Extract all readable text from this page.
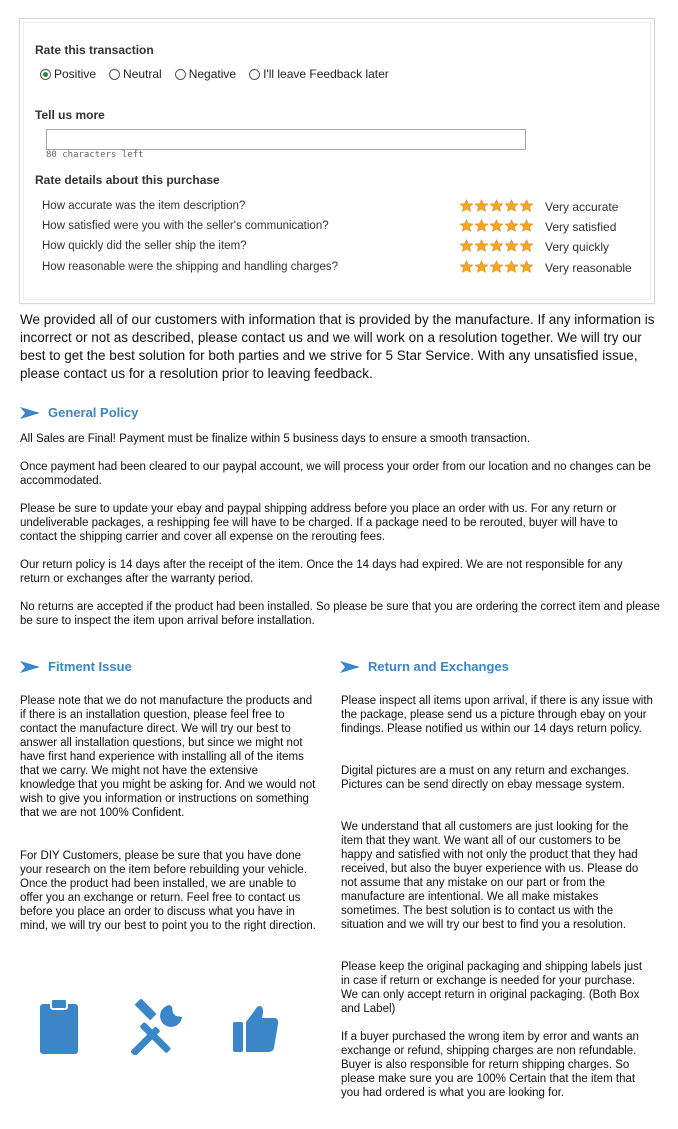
Rate this transaction
Positive Neutral Negative I'll leave Feedback later
Tell us more
80 characters left
Rate details about this purchase
How accurate was the item description?	Very accurate
How satisfied were you with the seller's communication?	Very satisfied
How quickly did the seller ship the item?	Very quickly
How reasonable were the shipping and handling charges?	Very reasonable
We provided all of our customers with information that is provided by the manufacture. If any information is incorrect or not as described, please contact us and we will work on a resolution together. We will try our best to get the best solution for both parties and we strive for 5 Star Service. With any unsatisfied issue, please contact us for a resolution prior to leaving feedback.
General Policy

All Sales are Final! Payment must be finalize within 5 business days to ensure a smooth transaction.

Once payment had been cleared to our paypal account, we will process your order from our location and no changes can be accommodated.

Please be sure to update your ebay and paypal shipping address before you place an order with us. For any return or undeliverable packages, a reshipping fee will have to be charged. If a package need to be rerouted, buyer will have to contact the shipping carrier and cover all expense on the rerouting fees.

Our return policy is 14 days after the receipt of the item. Once the 14 days had expired. We are not responsible for any return or exchanges after the warranty period.

No returns are accepted if the product had been installed. So please be sure that you are ordering the correct item and please be sure to inspect the item upon arrival before installation.

Fitment Issue

Please note that we do not manufacture the products and if there is an installation question, please feel free to contact the manufacture direct. We will try our best to answer all installation questions, but since we might not have first hand experience with installing all of the items that we carry. We might not have the extensive knowledge that you might be asking for. And we would not wish to give you information or instructions on something that we are not 100% Confident.

For DIY Customers, please be sure that you have done your research on the item before rebuilding your vehicle. Once the product had been installed, we are unable to offer you an exchange or return. Feel free to contact us before you place an order to discuss what you have in mind, we will try our best to point you to the right direction.

Return and Exchanges

Please inspect all items upon arrival, if there is any issue with the package, please send us a picture through ebay on your findings. Please notified us within our 14 days return policy.

Digital pictures are a must on any return and exchanges. Pictures can be send directly on ebay message system.

We understand that all customers are just looking for the item that they want. We want all of our customers to be happy and satisfied with not only the product that they had received, but also the buyer experience with us. Please do not assume that any mistake on our part or from the manufacture are intentional. We all make mistakes sometimes. The best solution is to contact us with the situation and we will try our best to find you a resolution.

Please keep the original packaging and shipping labels just in case if return or exchange is needed for your purchase. We can only accept return in original packaging. (Both Box and Label)

If a buyer purchased the wrong item by error and wants an exchange or refund, shipping charges are non refundable. Buyer is also responsible for return shipping charges. So please make sure you are 100% Certain that the item that you had ordered is what you are looking for.
